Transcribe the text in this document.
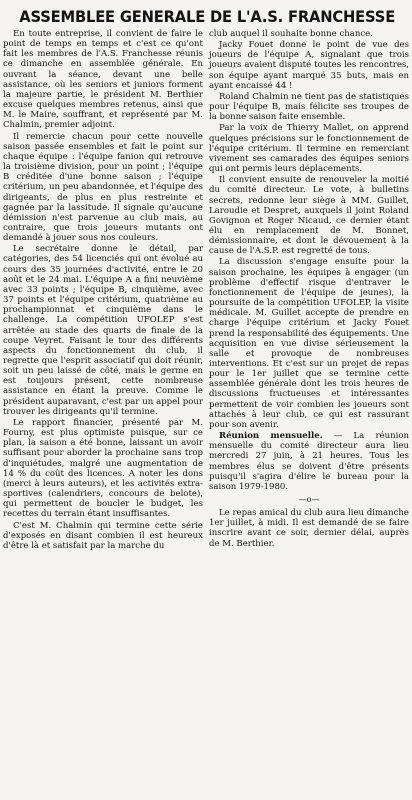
ASSEMBLEE GENERALE DE L'A.S. FRANCHESSE

En toute entreprise, il convient de faire le point de temps en temps et c'est ce qu'ont fait les membres de l'A.S. Franchesse réunis ce dimanche en assemblée générale. En ouvrant la séance, devant une belle assistance, où les seniors et juniors forment la majeure partie, le président M. Berthier excuse quelques membres retenus, ainsi que M. le Maire, souffrant, et représenté par M. Chalmin, premier adjoint.

Il remercie chacun pour cette nouvelle saison passée ensembles et fait le point sur chaque équipe : l'équipe fanion qui retrouve la troisième division, pour un point ; l'équipe B créditée d'une bonne saison ; l'équipe critérium, un peu abandonnée, et l'équipe des dirigeants, de plus en plus restreinte et gagnée par la lassitude. Il signale qu'aucune démission n'est parvenue au club mais, au contraire, que trois joueurs mutants ont demandé à jouer sous nos couleurs.

Le secrétaire donne le détail, par catégories, des 54 licenciés qui ont évolué au cours des 35 journées d'activité, entre le 20 août et le 24 mai. L'équipe A a fini neuvième avec 33 points ; l'équipe B, cinquième, avec 37 points et l'équipe critérium, quatrième au prochampionnat et cinquième dans le challenge. La compétition UFOLEP s'est arrêtée au stade des quarts de finale de la coupe Veyret. Faisant le tour des différents aspects du fonctionnement du club, il regrette que l'esprit associatif qui doit réunir, soit un peu laissé de côté, mais le germe en est toujours présent, cette nombreuse assistance en étant la preuve. Comme le président auparavant, c'est par un appel pour trouver les dirigeants qu'il termine.

Le rapport financier, présenté par M. Fourny, est plus optimiste puisque, sur ce plan, la saison a été bonne, laissant un avoir suffisant pour aborder la prochaine sans trop d'inquiétudes, malgré une augmentation de 14 % du coût des licences. A noter les dons (merci à leurs auteurs), et les activités extra-sportives (calendriers, concours de belote), qui permettent de boucler le budget, les recettes du terrain étant insuffisantes.

C'est M. Chalmin qui termine cette série d'exposés en disant combien il est heureux d'être là et satisfait par la marche du

club auquel il souhaite bonne chance.

Jacky Fouet donne le point de vue des joueurs de l'équipe A, signalant que trois joueurs avaient disputé toutes les rencontres, son équipe ayant marqué 35 buts, mais en ayant encaissé 44 !

Roland Chalmin ne tient pas de statistiques pour l'équipe B, mais félicite ses troupes de la bonne saison faite ensemble.

Par la voix de Thierry Mallet, on apprend quelques précisions sur le fonctionnement de l'équipe critérium. Il termine en remerciant vivement ses camarades des équipes seniors qui ont permis leurs déplacements.

Il convient ensuite de renouveler la moitié du comité directeur. Le vote, à bulletins secrets, redonne leur siège à MM. Guillet, Laroudie et Despret, auxquels il joint Roland Govignon et Roger Nicaud, ce dernier étant élu en remplacement de M. Bonnet, démissionnaire, et dont le dévouement à la cause de l'A.S.P. est regretté de tous.

La discussion s'engage ensuite pour la saison prochaine, les équipes à engager (un problème d'effectif risque d'entraver le fonctionnement de l'équipe de jeunes), la poursuite de la compétition UFOLEP, la visite médicale. M. Guillet accepte de prendre en charge l'équipe critérium et Jacky Fouet prend la responsabilité des équipements. Une acquisition en vue divise sérieusement la salle et provoque de nombreuses interventions. Et c'est sur un projet de repas pour le 1er juillet que se termine cette assemblée générale dont les trois heures de discussions fructueuses et intéressantes permettent de voir combien les joueurs sont attachés à leur club, ce qui est rassurant pour son avenir.

Réunion mensuelle. — La réunion mensuelle du comité directeur aura lieu mercredi 27 juin, à 21 heures. Tous les membres élus se doivent d'être présents puisqu'il s'agira d'élire le bureau pour la saison 1979-1980.

—o—

Le repas amical du club aura lieu dimanche 1er juillet, à midi. Il est demandé de se faire inscrire avant ce soir, dernier délai, auprès de M. Berthier.
